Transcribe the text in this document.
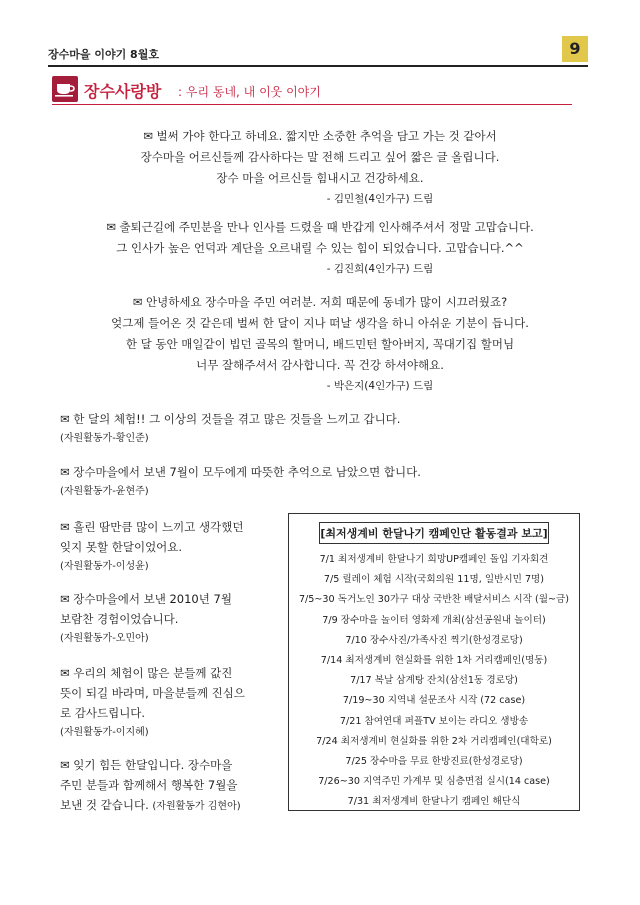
장수마을 이야기 8월호	9
장수사랑방 : 우리 동네, 내 이웃 이야기

✉ 벌써 가야 한다고 하네요. 짧지만 소중한 추억을 담고 가는 것 같아서

장수마을 어르신들께 감사하다는 말 전해 드리고 싶어 짧은 글 올립니다.

장수 마을 어르신들 힘내시고 건강하세요.

- 김민철(4인가구) 드림

✉ 출퇴근길에 주민분을 만나 인사를 드렸을 때 반갑게 인사해주셔서 정말 고맙습니다.

그 인사가 높은 언덕과 계단을 오르내릴 수 있는 힘이 되었습니다. 고맙습니다.^^

- 김진희(4인가구) 드림

✉ 안녕하세요 장수마을 주민 여러분. 저희 때문에 동네가 많이 시끄러웠죠?

엊그제 들어온 것 같은데 벌써 한 달이 지나 떠날 생각을 하니 아쉬운 기분이 듭니다.

한 달 동안 매일같이 빕던 골목의 할머니, 배드민턴 할아버지, 꼭대기집 할머님

너무 잘해주셔서 감사합니다. 꼭 건강 하셔야해요.

- 박은지(4인가구) 드림

✉ 한 달의 체험!! 그 이상의 것들을 겪고 많은 것들을 느끼고 갑니다.

(자원활동가-황인준)

✉ 장수마을에서 보낸 7월이 모두에게 따뜻한 추억으로 남았으면 합니다.

(자원활동가-윤현주)

✉ 흘린 땀만큼 많이 느끼고 생각했던

잊지 못할 한달이었어요.

(자원활동가-이성윤)

✉ 장수마을에서 보낸 2010년 7월

보람찬 경험이었습니다.

(자원활동가-오민아)

✉ 우리의 체험이 많은 분들께 값진

뜻이 되길 바라며, 마을분들께 진심으

로 감사드립니다.

(자원활동가-이지혜)

✉ 잊기 힘든 한달입니다. 장수마을

주민 분들과 함께해서 행복한 7월을

보낸 것 같습니다. (자원활동가 김현아)

[최저생계비 한달나기 캠페인단 활동결과 보고]
7/1 최저생계비 한달나기 희망UP캠페인 돌입 기자회견
7/5 릴레이 체험 시작(국회의원 11명, 일반시민 7명)
7/5~30 독거노인 30가구 대상 국반찬 배달서비스 시작 (월~금)
7/9 장수마을 놀이터 영화제 개최(삼선공원내 놀이터)
7/10 장수사진/가족사진 찍기(한성경로당)
7/14 최저생계비 현실화를 위한 1차 거리캠페인(명동)
7/17 복날 삼계탕 잔치(삼선1동 경로당)
7/19~30 지역내 설문조사 시작 (72 case)
7/21 참여연대 퍼플TV 보이는 라디오 생방송
7/24 최저생계비 현실화를 위한 2차 거리캠페인(대학로)
7/25 장수마을 무료 한방진료(한성경로당)
7/26~30 지역주민 가계부 및 심층면접 실시(14 case)
7/31 최저생계비 한달나기 캠페인 해단식
